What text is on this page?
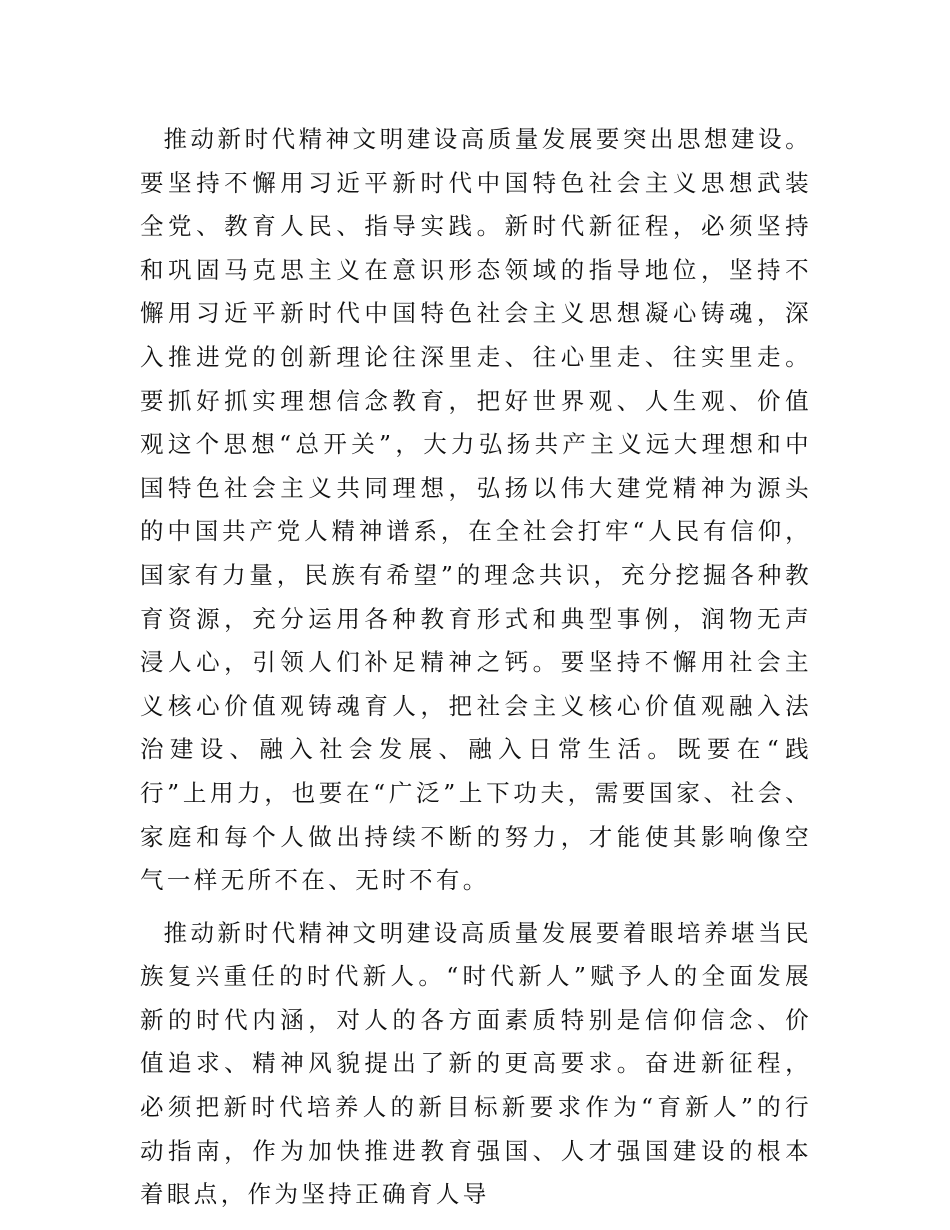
推动新时代精神文明建设高质量发展要突出思想建设。要坚持不懈用习近平新时代中国特色社会主义思想武装全党、教育人民、指导实践。新时代新征程，必须坚持和巩固马克思主义在意识形态领域的指导地位，坚持不懈用习近平新时代中国特色社会主义思想凝心铸魂，深入推进党的创新理论往深里走、往心里走、往实里走。要抓好抓实理想信念教育，把好世界观、人生观、价值观这个思想“总开关”，大力弘扬共产主义远大理想和中国特色社会主义共同理想，弘扬以伟大建党精神为源头的中国共产党人精神谱系，在全社会打牢“人民有信仰，国家有力量，民族有希望”的理念共识，充分挖掘各种教育资源，充分运用各种教育形式和典型事例，润物无声浸人心，引领人们补足精神之钙。要坚持不懈用社会主义核心价值观铸魂育人，把社会主义核心价值观融入法治建设、融入社会发展、融入日常生活。既要在“践行”上用力，也要在“广泛”上下功夫，需要国家、社会、家庭和每个人做出持续不断的努力，才能使其影响像空气一样无所不在、无时不有。

推动新时代精神文明建设高质量发展要着眼培养堪当民族复兴重任的时代新人。“时代新人”赋予人的全面发展新的时代内涵，对人的各方面素质特别是信仰信念、价值追求、精神风貌提出了新的更高要求。奋进新征程，必须把新时代培养人的新目标新要求作为“育新人”的行动指南，作为加快推进教育强国、人才强国建设的根本着眼点，作为坚持正确育人导
